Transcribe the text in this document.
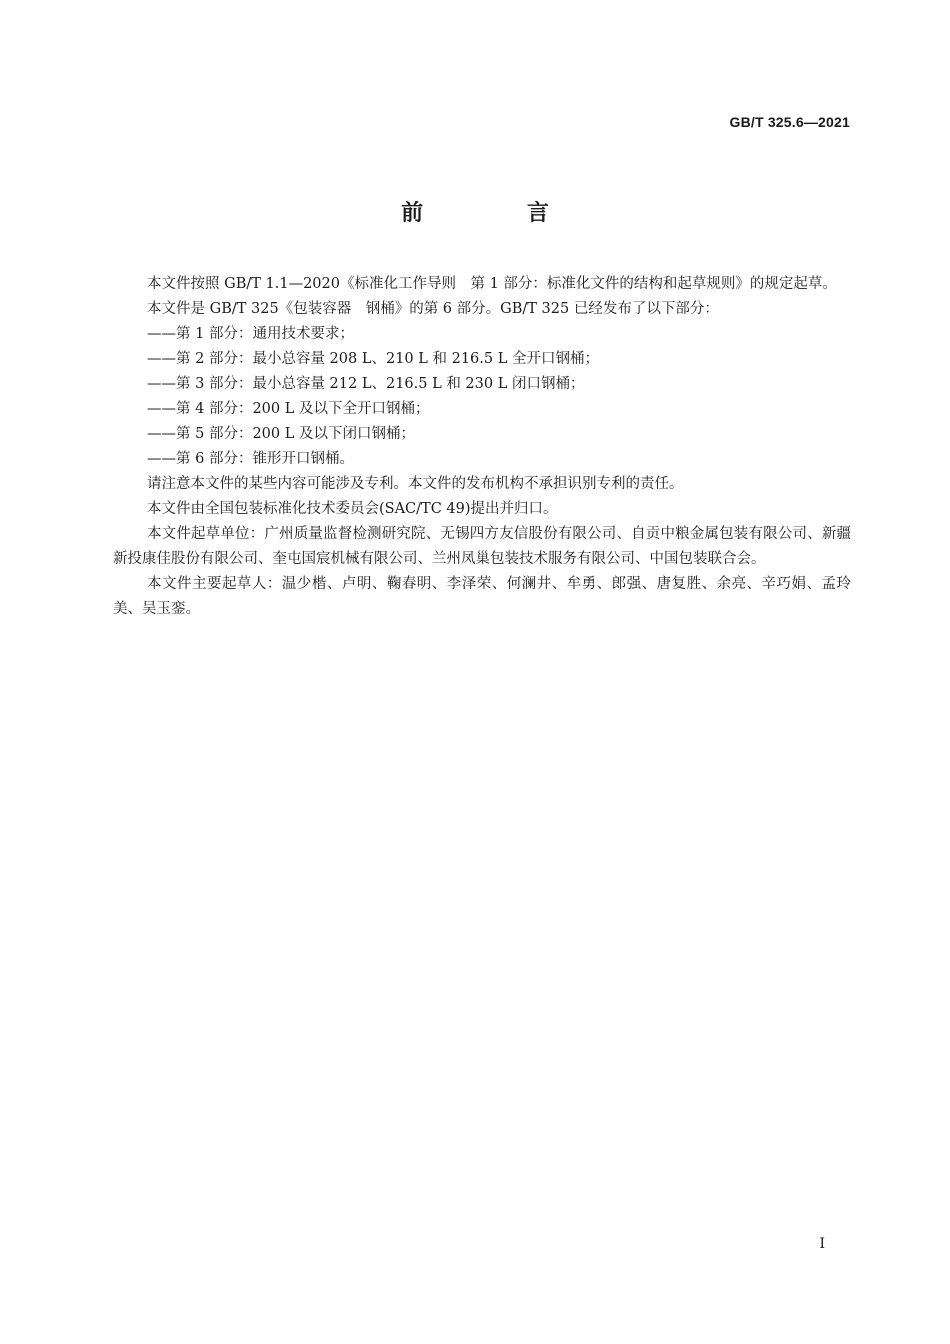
GB/T 325.6—2021
前 言

本文件按照 GB/T 1.1—2020《标准化工作导则　第 1 部分：标准化文件的结构和起草规则》的规定起草。

本文件是 GB/T 325《包装容器　钢桶》的第 6 部分。GB/T 325 已经发布了以下部分：

——第 1 部分：通用技术要求；

——第 2 部分：最小总容量 208 L、210 L 和 216.5 L 全开口钢桶；

——第 3 部分：最小总容量 212 L、216.5 L 和 230 L 闭口钢桶；

——第 4 部分：200 L 及以下全开口钢桶；

——第 5 部分：200 L 及以下闭口钢桶；

——第 6 部分：锥形开口钢桶。

请注意本文件的某些内容可能涉及专利。本文件的发布机构不承担识别专利的责任。

本文件由全国包装标准化技术委员会(SAC/TC 49)提出并归口。

本文件起草单位：广州质量监督检测研究院、无锡四方友信股份有限公司、自贡中粮金属包装有限公司、新疆新投康佳股份有限公司、奎屯国宸机械有限公司、兰州凤巢包装技术服务有限公司、中国包装联合会。

本文件主要起草人：温少楷、卢明、鞠春明、李泽荣、何澜井、牟勇、郎强、唐复胜、余亮、辛巧娟、孟玲美、吴玉銮。

I
